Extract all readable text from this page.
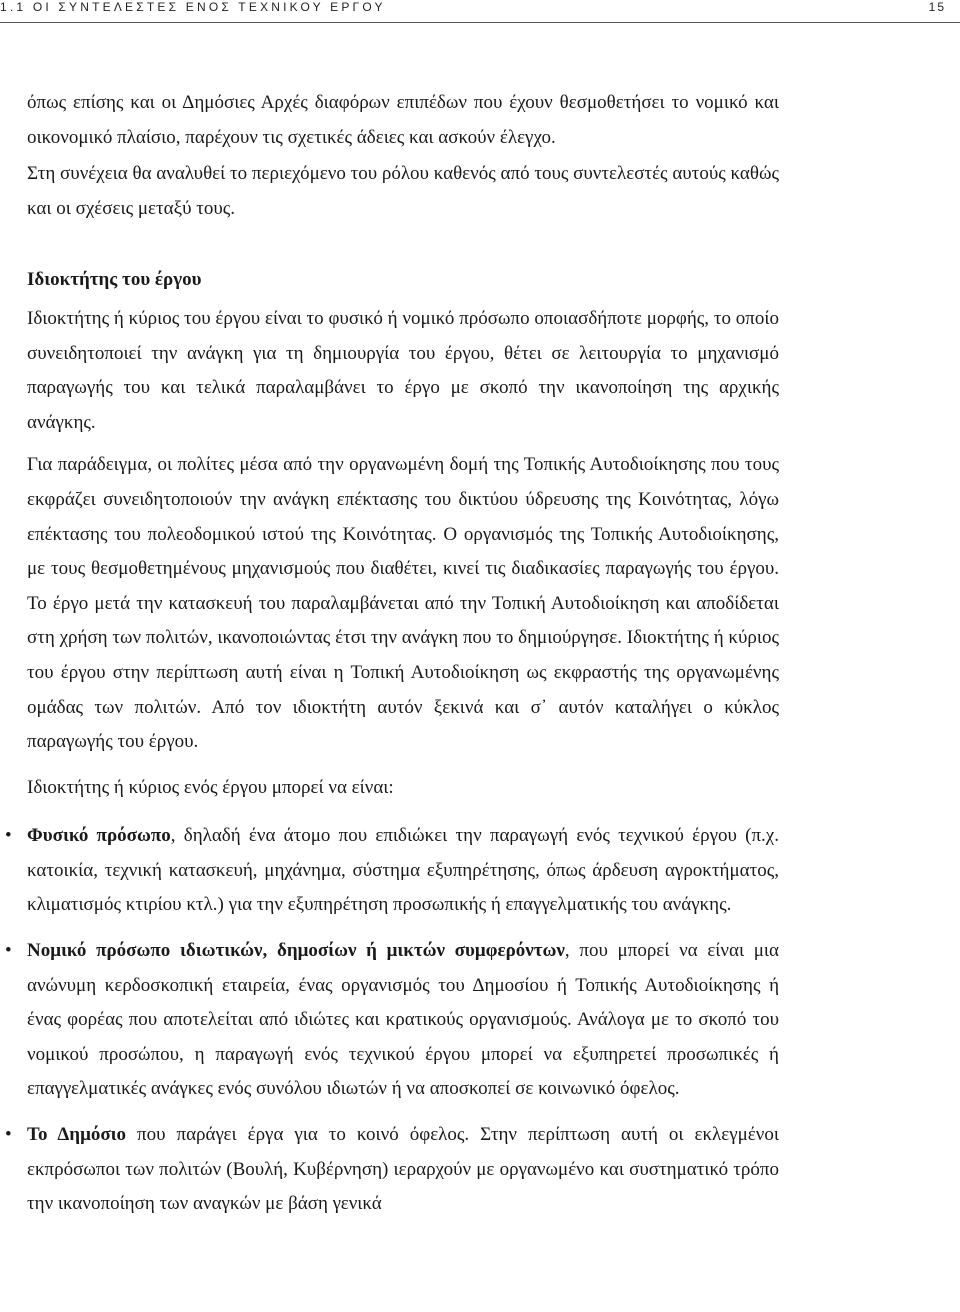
1.1 ΟΙ ΣΥΝΤΕΛΕΣΤΕΣ ΕΝΟΣ ΤΕΧΝΙΚΟΥ ΕΡΓΟΥ	15

όπως επίσης και οι Δημόσιες Αρχές διαφόρων επιπέδων που έχουν θεσμοθετήσει το νομικό και οικονομικό πλαίσιο, παρέχουν τις σχετικές άδειες και ασκούν έλεγχο.

Στη συνέχεια θα αναλυθεί το περιεχόμενο του ρόλου καθενός από τους συντελεστές αυτούς καθώς και οι σχέσεις μεταξύ τους.

Ιδιοκτήτης του έργου

Ιδιοκτήτης ή κύριος του έργου είναι το φυσικό ή νομικό πρόσωπο οποιασδήποτε μορφής, το οποίο συνειδητοποιεί την ανάγκη για τη δημιουργία του έργου, θέτει σε λειτουργία το μηχανισμό παραγωγής του και τελικά παραλαμβάνει το έργο με σκοπό την ικανοποίηση της αρχικής ανάγκης.

Για παράδειγμα, οι πολίτες μέσα από την οργανωμένη δομή της Τοπικής Αυτοδιοίκησης που τους εκφράζει συνειδητοποιούν την ανάγκη επέκτασης του δικτύου ύδρευσης της Κοινότητας, λόγω επέκτασης του πολεοδομικού ιστού της Κοινότητας. Ο οργανισμός της Τοπικής Αυτοδιοίκησης, με τους θεσμοθετημένους μηχανισμούς που διαθέτει, κινεί τις διαδικασίες παραγωγής του έργου. Το έργο μετά την κατασκευή του παραλαμβάνεται από την Τοπική Αυτοδιοίκηση και αποδίδεται στη χρήση των πολιτών, ικανοποιώντας έτσι την ανάγκη που το δημιούργησε. Ιδιοκτήτης ή κύριος του έργου στην περίπτωση αυτή είναι η Τοπική Αυτοδιοίκηση ως εκφραστής της οργανωμένης ομάδας των πολιτών. Από τον ιδιοκτήτη αυτόν ξεκινά και σ᾽ αυτόν καταλήγει ο κύκλος παραγωγής του έργου.

Ιδιοκτήτης ή κύριος ενός έργου μπορεί να είναι:

• Φυσικό πρόσωπο, δηλαδή ένα άτομο που επιδιώκει την παραγωγή ενός τεχνικού έργου (π.χ. κατοικία, τεχνική κατασκευή, μηχάνημα, σύστημα εξυπηρέτησης, όπως άρδευση αγροκτήματος, κλιματισμός κτιρίου κτλ.) για την εξυπηρέτηση προσωπικής ή επαγγελματικής του ανάγκης.
• Νομικό πρόσωπο ιδιωτικών, δημοσίων ή μικτών συμφερόντων, που μπορεί να είναι μια ανώνυμη κερδοσκοπική εταιρεία, ένας οργανισμός του Δημοσίου ή Τοπικής Αυτοδιοίκησης ή ένας φορέας που αποτελείται από ιδιώτες και κρατικούς οργανισμούς. Ανάλογα με το σκοπό του νομικού προσώπου, η παραγωγή ενός τεχνικού έργου μπορεί να εξυπηρετεί προσωπικές ή επαγγελματικές ανάγκες ενός συνόλου ιδιωτών ή να αποσκοπεί σε κοινωνικό όφελος.
• Το Δημόσιο που παράγει έργα για το κοινό όφελος. Στην περίπτωση αυτή οι εκλεγμένοι εκπρόσωποι των πολιτών (Βουλή, Κυβέρνηση) ιεραρχούν με οργανωμένο και συστηματικό τρόπο την ικανοποίηση των αναγκών με βάση γενικά
